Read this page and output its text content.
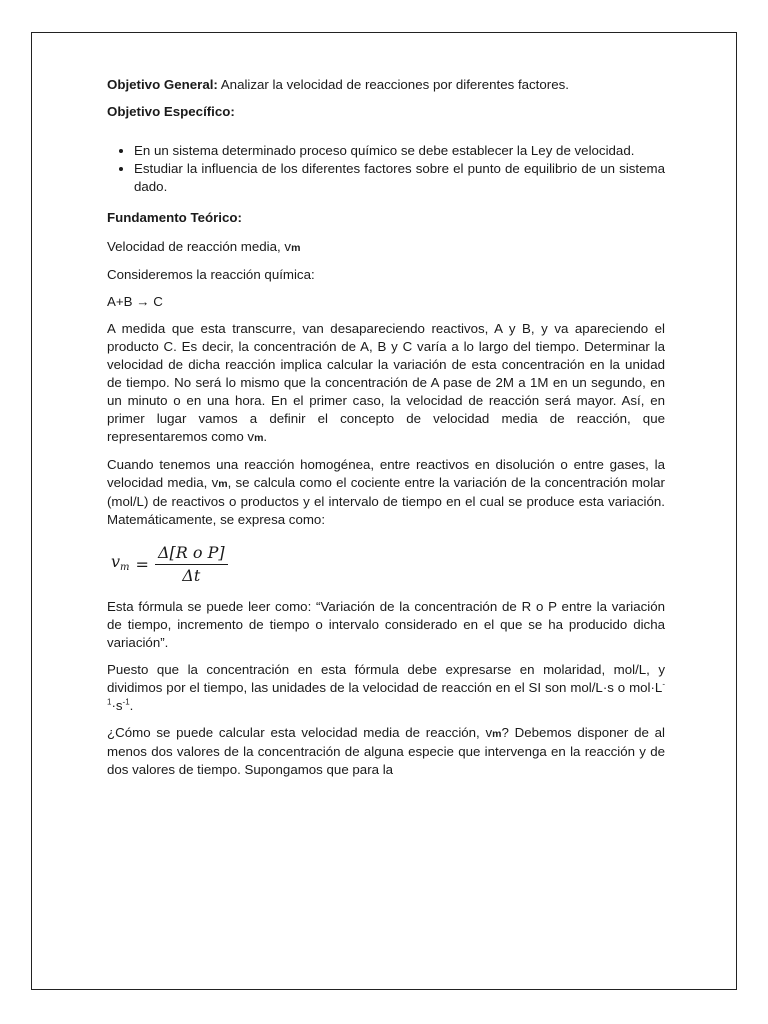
Objetivo General: Analizar la velocidad de reacciones por diferentes factores.

Objetivo Específico:

• En un sistema determinado proceso químico se debe establecer la Ley de velocidad.
• Estudiar la influencia de los diferentes factores sobre el punto de equilibrio de un sistema dado.

Fundamento Teórico:

Velocidad de reacción media, vm

Consideremos la reacción química:

A+B → C

A medida que esta transcurre, van desapareciendo reactivos, A y B, y va apareciendo el producto C. Es decir, la concentración de A, B y C varía a lo largo del tiempo. Determinar la velocidad de dicha reacción implica calcular la variación de esta concentración en la unidad de tiempo. No será lo mismo que la concentración de A pase de 2M a 1M en un segundo, en un minuto o en una hora. En el primer caso, la velocidad de reacción será mayor. Así, en primer lugar vamos a definir el concepto de velocidad media de reacción, que representaremos como vm.

Cuando tenemos una reacción homogénea, entre reactivos en disolución o entre gases, la velocidad media, vm, se calcula como el cociente entre la variación de la concentración molar (mol/L) de reactivos o productos y el intervalo de tiempo en el cual se produce esta variación. Matemáticamente, se expresa como:

$v_m = \frac{\text{Δ[R o P]}}{\Delta t}$

Esta fórmula se puede leer como: “Variación de la concentración de R o P entre la variación de tiempo, incremento de tiempo o intervalo considerado en el que se ha producido dicha variación”.

Puesto que la concentración en esta fórmula debe expresarse en molaridad, mol/L, y dividimos por el tiempo, las unidades de la velocidad de reacción en el SI son mol/L·s o $mol\cdot L^{-1}\cdot s^{-1}$.

¿Cómo se puede calcular esta velocidad media de reacción, vm? Debemos disponer de al menos dos valores de la concentración de alguna especie que intervenga en la reacción y de dos valores de tiempo. Supongamos que para la
